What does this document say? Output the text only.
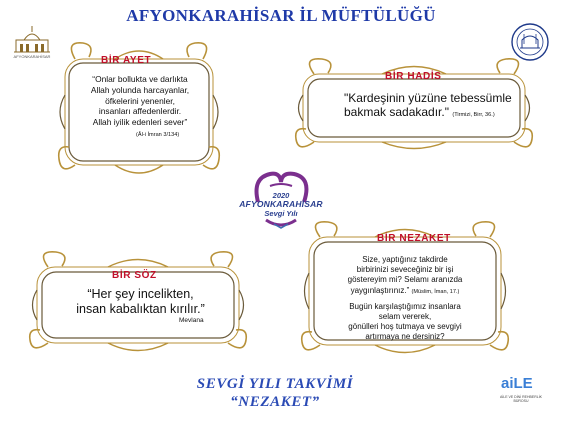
AFYONKARAHİSAR İL MÜFTÜLÜĞÜ
AFYONKARAHİSAR	BİR AYET
“Onlar bollukta ve darlıkta
Allah yolunda harcayanlar,
öfkelerini yenenler,
insanları affedenlerdir.
Allah iyilik edenleri sever”
(Âl-i İmran 3/134)
BİR HADİS
"Kardeşinin yüzüne tebessümle
bakmak sadakadır." (Tirmizi, Birr, 36.)
2020
AFYONKARAHİSAR
Sevgi Yılı
BİR SÖZ
“Her şey incelikten,
insan kabalıktan kırılır.”
Mevlana
BİR NEZAKET
Size, yaptığınız takdirde
birbirinizi seveceğiniz bir işi
göstereyim mi? Selamı aranızda
yaygınlaştırınız.” (Müslim, İman, 17.)
Bugün karşılaştığımız insanlara
selam vererek,
gönülleri hoş tutmaya ve sevgiyi
artırmaya ne dersiniz?
SEVGİ YILI TAKVİMİ
“NEZAKET”
aiLE
AİLE VE DİNİ REHBERLİK BÜROSU
